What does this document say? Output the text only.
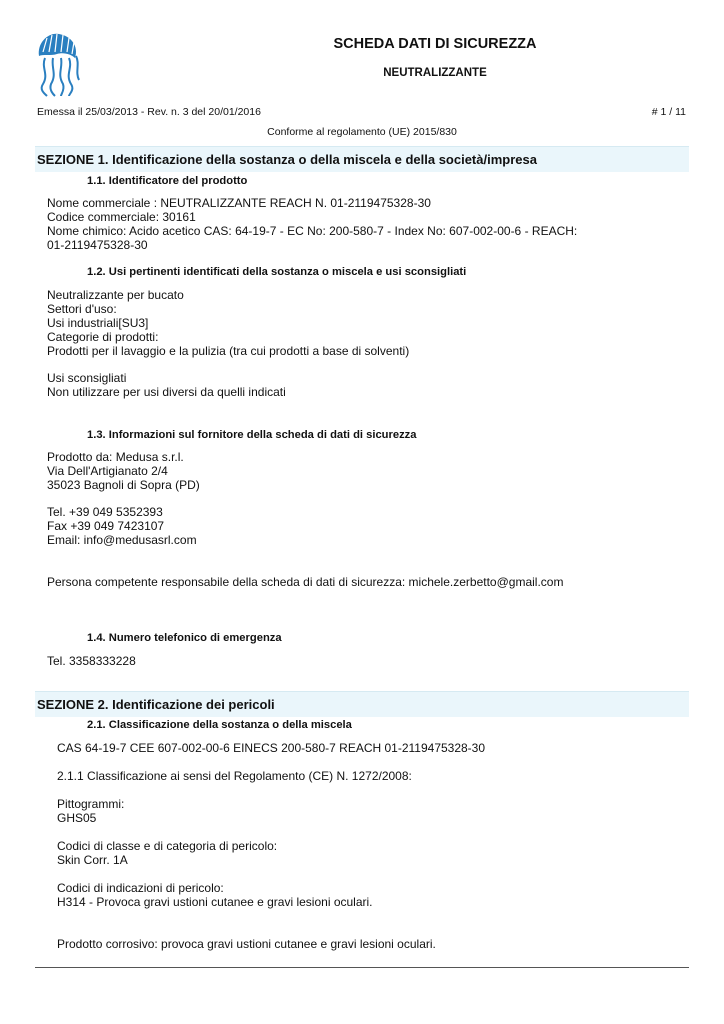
SCHEDA DATI DI SICUREZZA
NEUTRALIZZANTE
Emessa il 25/03/2013 - Rev. n. 3 del 20/01/2016	# 1 / 11
Conforme al regolamento (UE) 2015/830
SEZIONE 1. Identificazione della sostanza o della miscela e della società/impresa
1.1. Identificatore del prodotto
Nome commerciale : NEUTRALIZZANTE REACH N. 01-2119475328-30
Codice commerciale: 30161
Nome chimico: Acido acetico CAS: 64-19-7 - EC No: 200-580-7 - Index No: 607-002-00-6 - REACH:
01-2119475328-30
1.2. Usi pertinenti identificati della sostanza o miscela e usi sconsigliati
Neutralizzante per bucato
Settori d'uso:
Usi industriali[SU3]
Categorie di prodotti:
Prodotti per il lavaggio e la pulizia (tra cui prodotti a base di solventi)
Usi sconsigliati
Non utilizzare per usi diversi da quelli indicati
1.3. Informazioni sul fornitore della scheda di dati di sicurezza
Prodotto da: Medusa s.r.l.
Via Dell'Artigianato 2/4
35023 Bagnoli di Sopra (PD)
Tel. +39 049 5352393
Fax +39 049 7423107
Email: info@medusasrl.com
Persona competente responsabile della scheda di dati di sicurezza: michele.zerbetto@gmail.com
1.4. Numero telefonico di emergenza
Tel. 3358333228
SEZIONE 2. Identificazione dei pericoli
2.1. Classificazione della sostanza o della miscela
CAS 64-19-7 CEE 607-002-00-6 EINECS 200-580-7 REACH 01-2119475328-30
2.1.1 Classificazione ai sensi del Regolamento (CE) N. 1272/2008:
Pittogrammi:
GHS05
Codici di classe e di categoria di pericolo:
Skin Corr. 1A
Codici di indicazioni di pericolo:
H314 - Provoca gravi ustioni cutanee e gravi lesioni oculari.
Prodotto corrosivo: provoca gravi ustioni cutanee e gravi lesioni oculari.
